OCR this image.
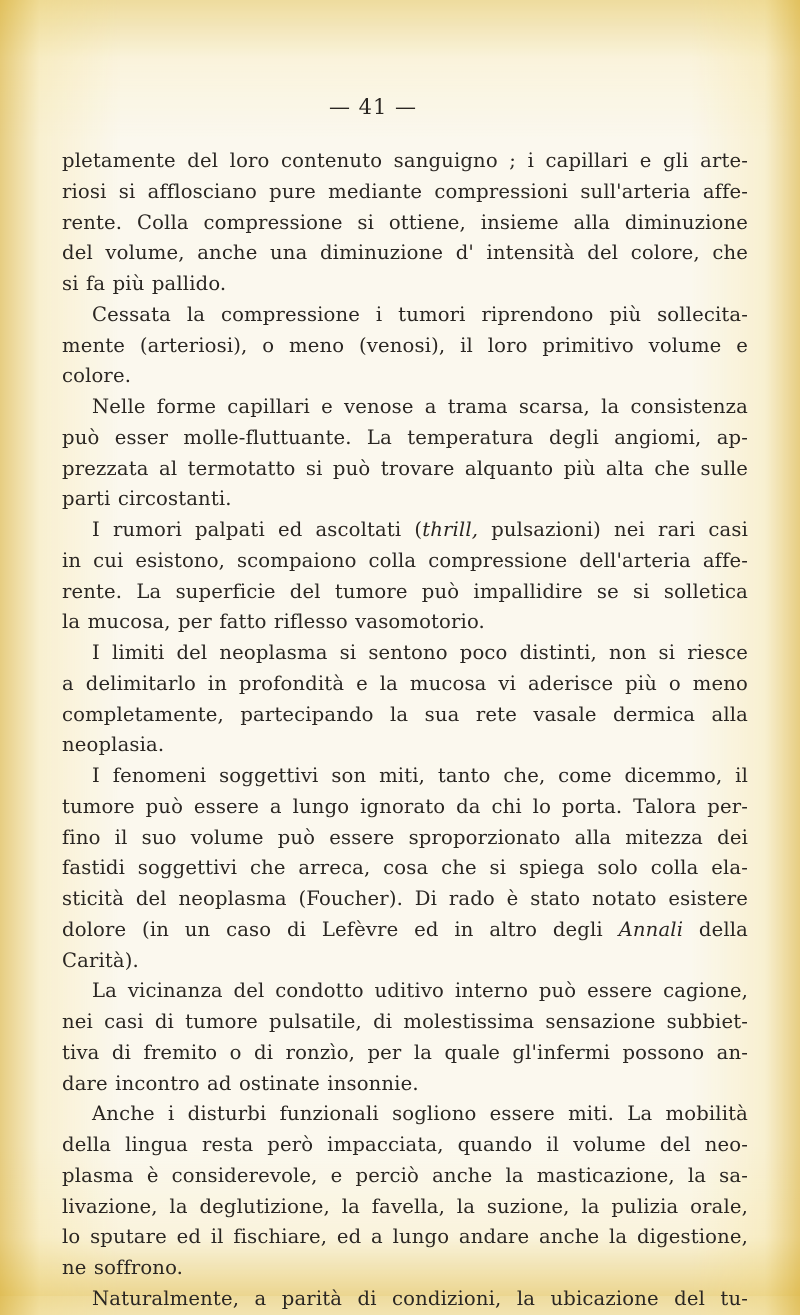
— 41 —

pletamente del loro contenuto sanguigno ; i capillari e gli arte-
riosi si afflosciano pure mediante compressioni sull'arteria affe-
rente. Colla compressione si ottiene, insieme alla diminuzione
del volume, anche una diminuzione d' intensità del colore, che
si fa più pallido.

Cessata la compressione i tumori riprendono più sollecita-
mente (arteriosi), o meno (venosi), il loro primitivo volume e
colore.

Nelle forme capillari e venose a trama scarsa, la consistenza
può esser molle-fluttuante. La temperatura degli angiomi, ap-
prezzata al termotatto si può trovare alquanto più alta che sulle
parti circostanti.

I rumori palpati ed ascoltati (thrill, pulsazioni) nei rari casi
in cui esistono, scompaiono colla compressione dell'arteria affe-
rente. La superficie del tumore può impallidire se si solletica
la mucosa, per fatto riflesso vasomotorio.

I limiti del neoplasma si sentono poco distinti, non si riesce
a delimitarlo in profondità e la mucosa vi aderisce più o meno
completamente, partecipando la sua rete vasale dermica alla
neoplasia.

I fenomeni soggettivi son miti, tanto che, come dicemmo, il
tumore può essere a lungo ignorato da chi lo porta. Talora per-
fino il suo volume può essere sproporzionato alla mitezza dei
fastidi soggettivi che arreca, cosa che si spiega solo colla ela-
sticità del neoplasma (Foucher). Di rado è stato notato esistere
dolore (in un caso di Lefèvre ed in altro degli Annali della
Carità).

La vicinanza del condotto uditivo interno può essere cagione,
nei casi di tumore pulsatile, di molestissima sensazione subbiet-
tiva di fremito o di ronzìo, per la quale gl'infermi possono an-
dare incontro ad ostinate insonnie.

Anche i disturbi funzionali sogliono essere miti. La mobilità
della lingua resta però impacciata, quando il volume del neo-
plasma è considerevole, e perciò anche la masticazione, la sa-
livazione, la deglutizione, la favella, la suzione, la pulizia orale,
lo sputare ed il fischiare, ed a lungo andare anche la digestione,
ne soffrono.

Naturalmente, a parità di condizioni, la ubicazione del tu-
